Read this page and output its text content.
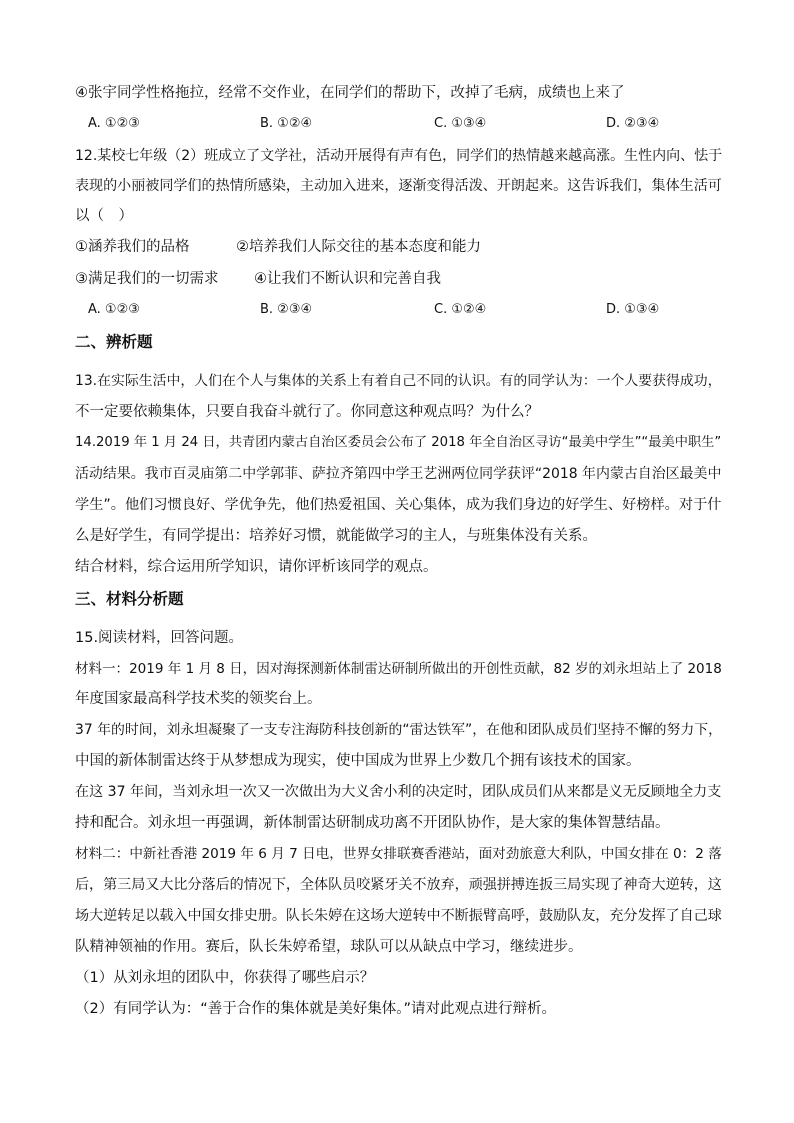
④张宇同学性格拖拉，经常不交作业，在同学们的帮助下，改掉了毛病，成绩也上来了
A. ①②③	B. ①②④	C. ①③④	D. ②③④
12.某校七年级（2）班成立了文学社，活动开展得有声有色，同学们的热情越来越高涨。生性内向、怯于
表现的小丽被同学们的热情所感染，主动加入进来，逐渐变得活泼、开朗起来。这告诉我们，集体生活可
以（　）
①涵养我们的品格	②培养我们人际交往的基本态度和能力
③满足我们的一切需求 ④让我们不断认识和完善自我
A. ①②③	B. ②③④	C. ①②④	D. ①③④
二、辨析题
13.在实际生活中，人们在个人与集体的关系上有着自己不同的认识。有的同学认为：一个人要获得成功，
不一定要依赖集体，只要自我奋斗就行了。你同意这种观点吗？为什么？
14.2019 年 1 月 24 日，共青团内蒙古自治区委员会公布了 2018 年全自治区寻访“最美中学生”“最美中职生”
活动结果。我市百灵庙第二中学郭菲、萨拉齐第四中学王艺洲两位同学获评“2018 年内蒙古自治区最美中
学生”。他们习惯良好、学优争先，他们热爱祖国、关心集体，成为我们身边的好学生、好榜样。对于什
么是好学生，有同学提出：培养好习惯，就能做学习的主人，与班集体没有关系。
结合材料，综合运用所学知识，请你评析该同学的观点。
三、材料分析题
15.阅读材料，回答问题。
材料一：2019 年 1 月 8 日，因对海探测新体制雷达研制所做出的开创性贡献，82 岁的刘永坦站上了 2018
年度国家最高科学技术奖的领奖台上。
37 年的时间，刘永坦凝聚了一支专注海防科技创新的“雷达铁军”，在他和团队成员们坚持不懈的努力下，
中国的新体制雷达终于从梦想成为现实，使中国成为世界上少数几个拥有该技术的国家。
在这 37 年间，当刘永坦一次又一次做出为大义舍小利的决定时，团队成员们从来都是义无反顾地全力支
持和配合。刘永坦一再强调，新体制雷达研制成功离不开团队协作，是大家的集体智慧结晶。
材料二：中新社香港 2019 年 6 月 7 日电，世界女排联赛香港站，面对劲旅意大利队，中国女排在 0：2 落
后，第三局又大比分落后的情况下，全体队员咬紧牙关不放弃，顽强拼搏连扳三局实现了神奇大逆转，这
场大逆转足以载入中国女排史册。队长朱婷在这场大逆转中不断振臂高呼，鼓励队友，充分发挥了自己球
队精神领袖的作用。赛后，队长朱婷希望，球队可以从缺点中学习，继续进步。
（1）从刘永坦的团队中，你获得了哪些启示？
（2）有同学认为：“善于合作的集体就是美好集体。”请对此观点进行辩析。
